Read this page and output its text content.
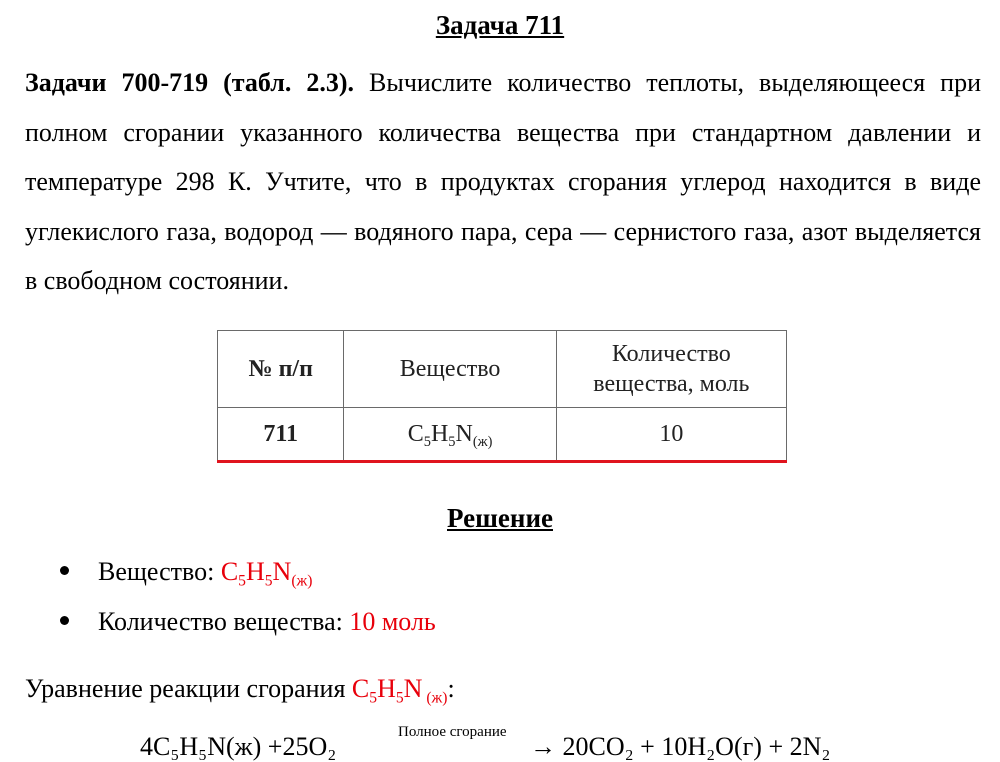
Задача 711
Задачи 700-719 (табл. 2.3). Вычислите количество теплоты, выделяющееся при полном сгорании указанного количества вещества при стандартном давлении и температуре 298 К. Учтите, что в продуктах сгорания углерод находится в виде углекислого газа, водород — водяного пара, сера — сернистого газа, азот выделяется в свободном состоянии.
№ п/п	Вещество	Количество
вещества, моль
711	$C_5H_5N_{(ж)}$	10
Решение
Вещество: $C_5H_5N_{(ж)}$
Количество вещества: 10 моль
Уравнение реакции сгорания $C_5H_5N$ $_{(ж)}$:
4C₅H₅N(ж) +25O₂	Полное сгорание → 20CO₂ + 10H₂O(г) + 2N₂
